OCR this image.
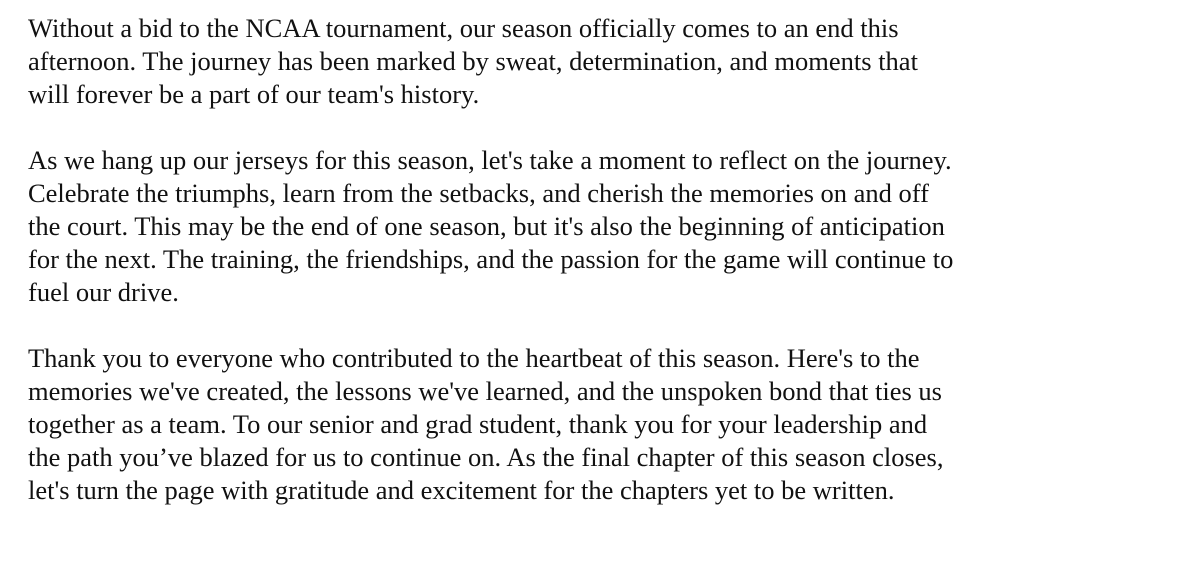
Without a bid to the NCAA tournament, our season officially comes to an end this
afternoon. The journey has been marked by sweat, determination, and moments that
will forever be a part of our team's history.

As we hang up our jerseys for this season, let's take a moment to reflect on the journey.
Celebrate the triumphs, learn from the setbacks, and cherish the memories on and off
the court. This may be the end of one season, but it's also the beginning of anticipation
for the next. The training, the friendships, and the passion for the game will continue to
fuel our drive.

Thank you to everyone who contributed to the heartbeat of this season. Here's to the
memories we've created, the lessons we've learned, and the unspoken bond that ties us
together as a team. To our senior and grad student, thank you for your leadership and
the path you’ve blazed for us to continue on. As the final chapter of this season closes,
let's turn the page with gratitude and excitement for the chapters yet to be written.
